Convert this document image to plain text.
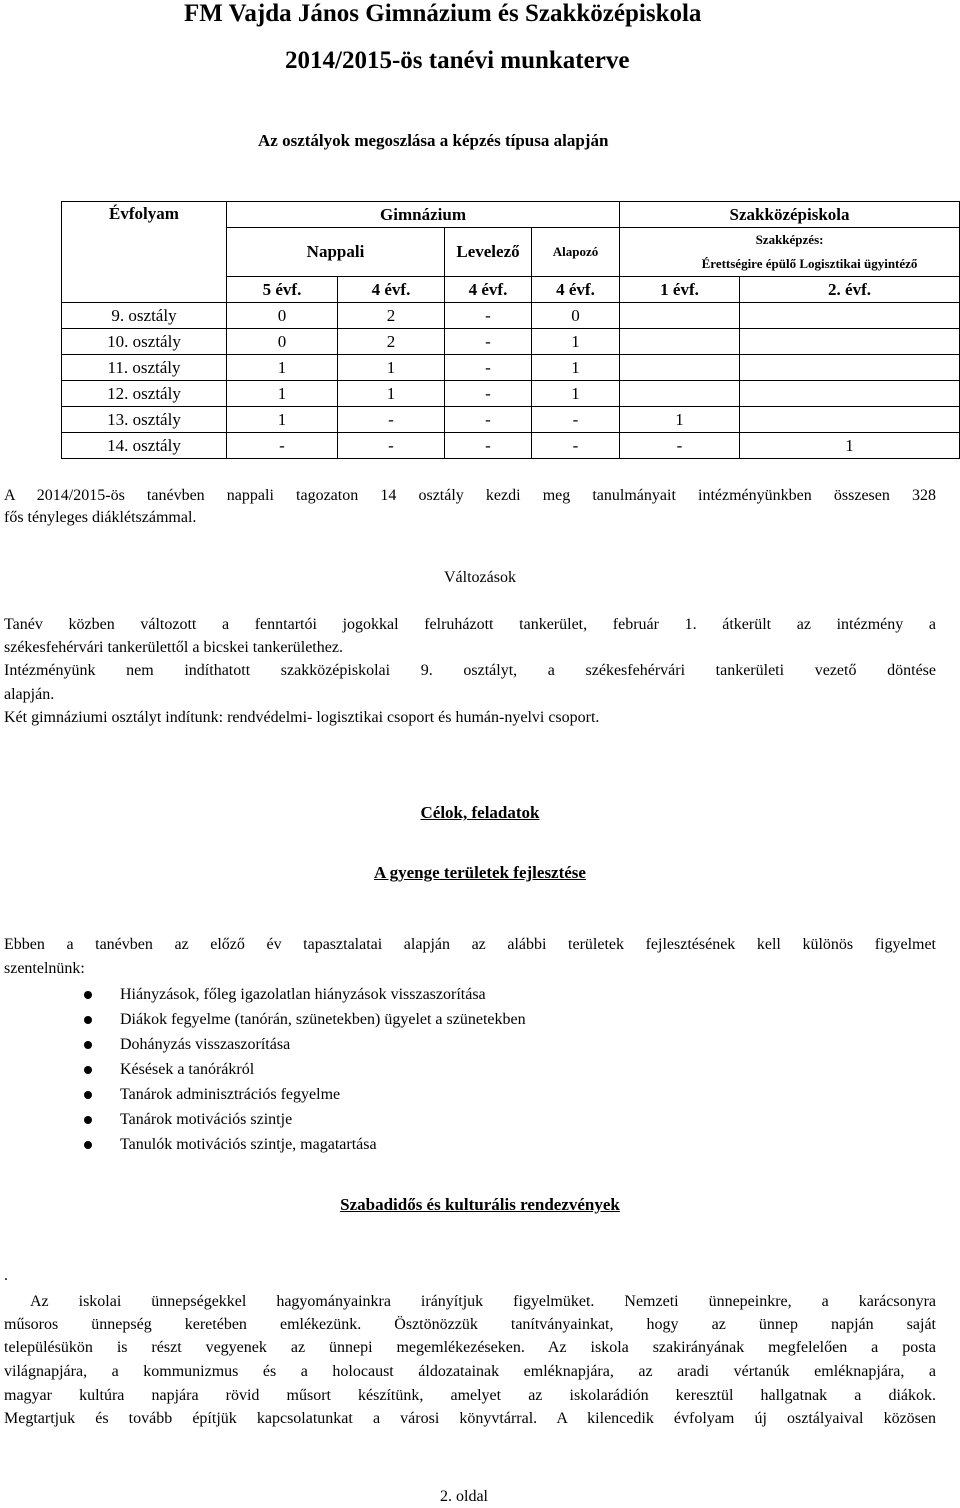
FM Vajda János Gimnázium és Szakközépiskola
2014/2015-ös tanévi munkaterve
Az osztályok megoszlása a képzés típusa alapján
Évfolyam	Gimnázium				Szakközépiskola	
	Nappali		Levelező	Alapozó	Szakképzés:
Érettségire épülő Logisztikai ügyintéző	

	5 évf.	4 évf.	4 évf.	4 évf.	1 évf.	2. évf.
9. osztály	0	2	-	0		
10. osztály	0	2	-	1		
11. osztály	1	1	-	1		
12. osztály	1	1	-	1		
13. osztály	1	-	-	-	1	
14. osztály	-	-	-	-	-	1
A 2014/2015-ös tanévben nappali tagozaton 14 osztály kezdi meg tanulmányait intézményünkben összesen 328
fős tényleges diáklétszámmal.
Változások
Tanév közben változott a fenntartói jogokkal felruházott tankerület, február 1. átkerült az intézmény a
székesfehérvári tankerülettől a bicskei tankerülethez.
Intézményünk nem indíthatott szakközépiskolai 9. osztályt, a székesfehérvári tankerületi vezető döntése
alapján.
Két gimnáziumi osztályt indítunk: rendvédelmi- logisztikai csoport és humán-nyelvi csoport.
Célok, feladatok
A gyenge területek fejlesztése
Ebben a tanévben az előző év tapasztalatai alapján az alábbi területek fejlesztésének kell különös figyelmet
szentelnünk:
Hiányzások, főleg igazolatlan hiányzások visszaszorítása
Diákok fegyelme (tanórán, szünetekben) ügyelet a szünetekben
Dohányzás visszaszorítása
Késések a tanórákról
Tanárok adminisztrációs fegyelme
Tanárok motivációs szintje
Tanulók motivációs szintje, magatartása
Szabadidős és kulturális rendezvények
.
Az iskolai ünnepségekkel hagyományainkra irányítjuk figyelmüket. Nemzeti ünnepeinkre, a karácsonyra
műsoros ünnepség keretében emlékezünk. Ösztönözzük tanítványainkat, hogy az ünnep napján saját
településükön is részt vegyenek az ünnepi megemlékezéseken. Az iskola szakirányának megfelelően a posta
világnapjára, a kommunizmus és a holocaust áldozatainak emléknapjára, az aradi vértanúk emléknapjára, a
magyar kultúra napjára rövid műsort készítünk, amelyet az iskolarádión keresztül hallgatnak a diákok.
Megtartjuk és tovább építjük kapcsolatunkat a városi könyvtárral. A kilencedik évfolyam új osztályaival közösen
2. oldal
